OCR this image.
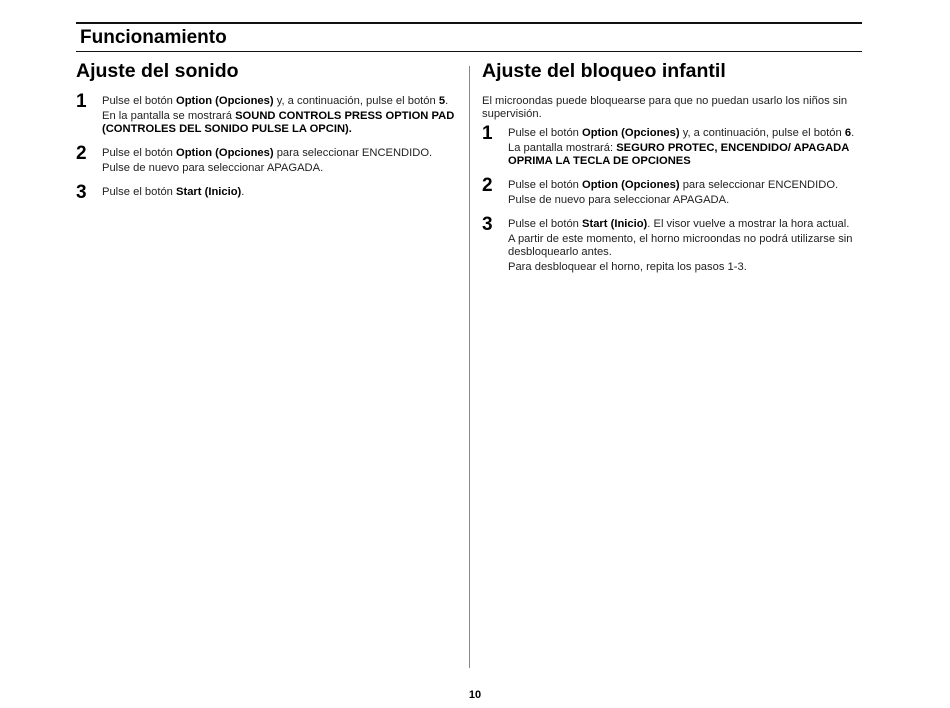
Funcionamiento
Ajuste del sonido
1 Pulse el botón Option (Opciones) y, a continuación, pulse el botón 5.

En la pantalla se mostrará SOUND CONTROLS PRESS OPTION PAD (CONTROLES DEL SONIDO PULSE LA OPCIN).

2 Pulse el botón Option (Opciones) para seleccionar ENCENDIDO.

Pulse de nuevo para seleccionar APAGADA.

3 Pulse el botón Start (Inicio).

Ajuste del bloqueo infantil

El microondas puede bloquearse para que no puedan usarlo los niños sin supervisión.

1 Pulse el botón Option (Opciones) y, a continuación, pulse el botón 6.

La pantalla mostrará: SEGURO PROTEC, ENCENDIDO/ APAGADA OPRIMA LA TECLA DE OPCIONES

2 Pulse el botón Option (Opciones) para seleccionar ENCENDIDO.

Pulse de nuevo para seleccionar APAGADA.

3 Pulse el botón Start (Inicio). El visor vuelve a mostrar la hora actual.

A partir de este momento, el horno microondas no podrá utilizarse sin desbloquearlo antes.

Para desbloquear el horno, repita los pasos 1-3.

10
